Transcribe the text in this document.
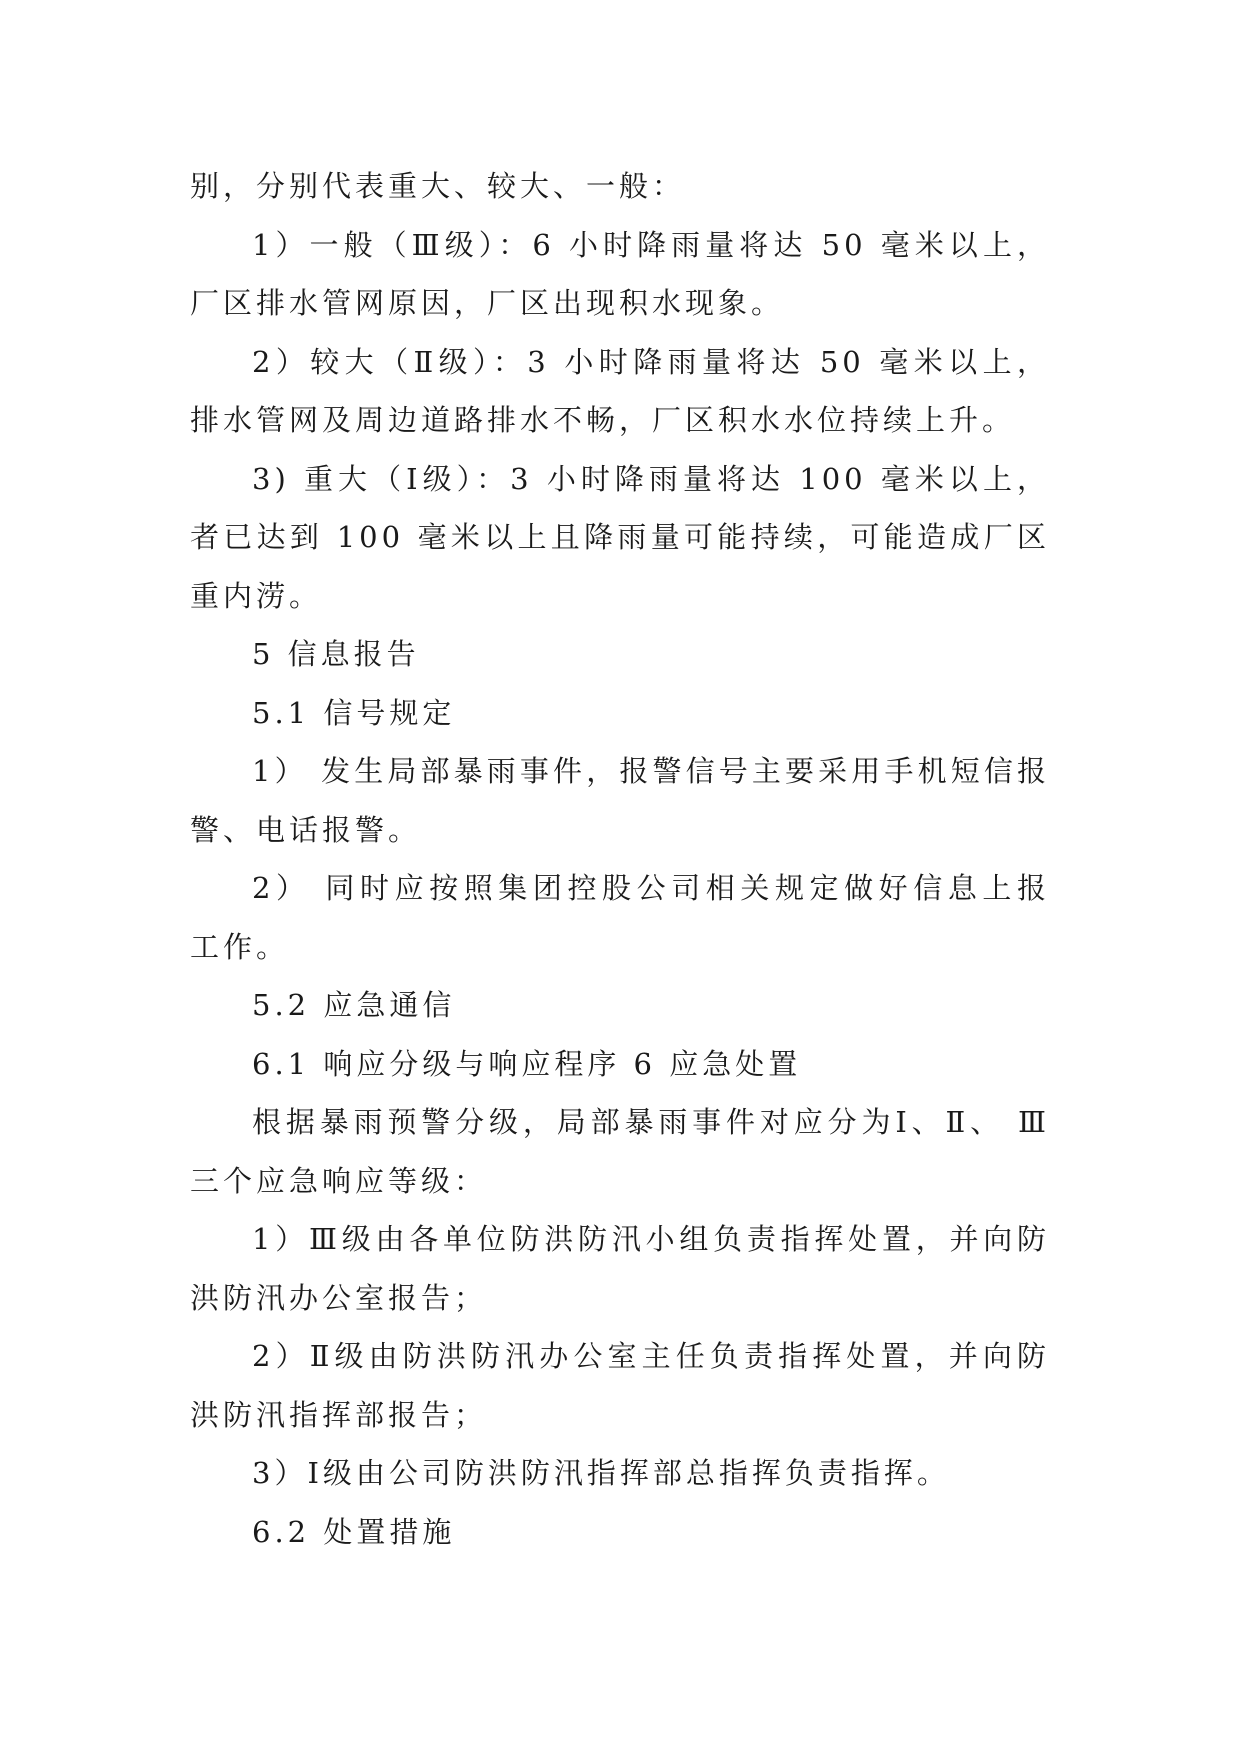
别，分别代表重大、较大、一般：
1）一般（Ⅲ级）：6 小时降雨量将达 50 毫米以上，
厂区排水管网原因，厂区出现积水现象。
2）较大（Ⅱ级）：3 小时降雨量将达 50 毫米以上，
排水管网及周边道路排水不畅，厂区积水水位持续上升。
3) 重大（Ⅰ级）：3 小时降雨量将达 100 毫米以上，
者已达到 100 毫米以上且降雨量可能持续，可能造成厂区
重内涝。
5 信息报告
5.1 信号规定
1） 发生局部暴雨事件，报警信号主要采用手机短信报
警、电话报警。
2） 同时应按照集团控股公司相关规定做好信息上报
工作。
5.2 应急通信
6.1 响应分级与响应程序 6 应急处置
根据暴雨预警分级，局部暴雨事件对应分为Ⅰ、Ⅱ、 Ⅲ
三个应急响应等级：
1）Ⅲ级由各单位防洪防汛小组负责指挥处置，并向防
洪防汛办公室报告；
2）Ⅱ级由防洪防汛办公室主任负责指挥处置，并向防
洪防汛指挥部报告；
3）Ⅰ级由公司防洪防汛指挥部总指挥负责指挥。
6.2 处置措施
